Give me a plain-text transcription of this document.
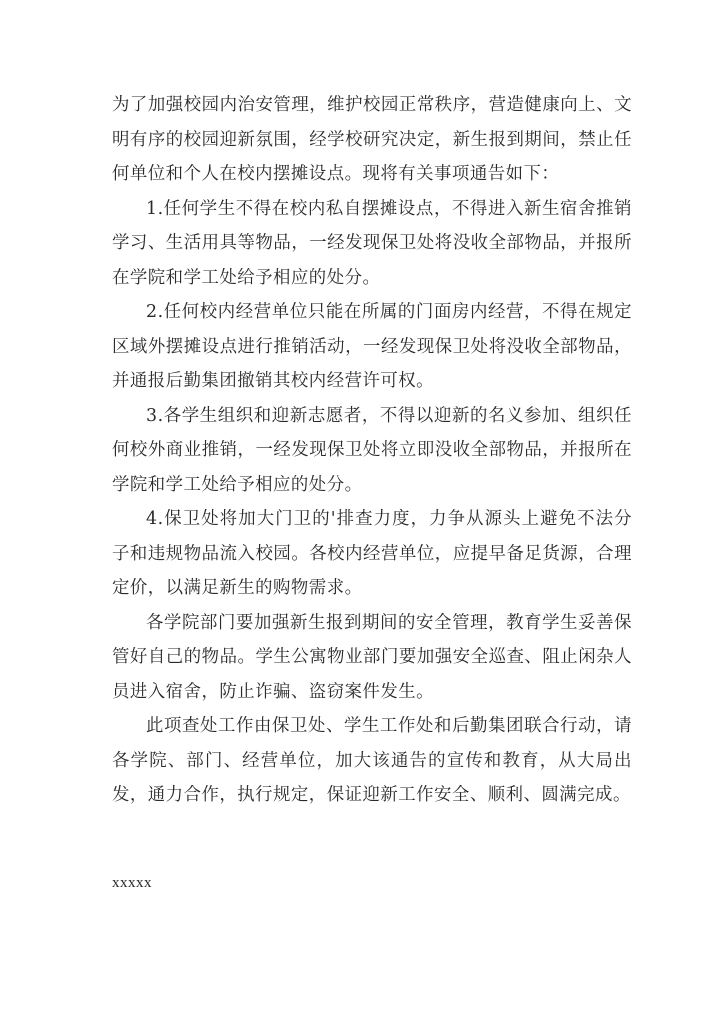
为了加强校园内治安管理，维护校园正常秩序，营造健康向上、文明有序的校园迎新氛围，经学校研究决定，新生报到期间，禁止任何单位和个人在校内摆摊设点。现将有关事项通告如下：

1.任何学生不得在校内私自摆摊设点，不得进入新生宿舍推销学习、生活用具等物品，一经发现保卫处将没收全部物品，并报所在学院和学工处给予相应的处分。

2.任何校内经营单位只能在所属的门面房内经营，不得在规定区域外摆摊设点进行推销活动，一经发现保卫处将没收全部物品，并通报后勤集团撤销其校内经营许可权。

3.各学生组织和迎新志愿者，不得以迎新的名义参加、组织任何校外商业推销，一经发现保卫处将立即没收全部物品，并报所在学院和学工处给予相应的处分。

4.保卫处将加大门卫的'排查力度，力争从源头上避免不法分子和违规物品流入校园。各校内经营单位，应提早备足货源，合理定价，以满足新生的购物需求。

各学院部门要加强新生报到期间的安全管理，教育学生妥善保管好自己的物品。学生公寓物业部门要加强安全巡查、阻止闲杂人员进入宿舍，防止诈骗、盗窃案件发生。

此项查处工作由保卫处、学生工作处和后勤集团联合行动，请各学院、部门、经营单位，加大该通告的宣传和教育，从大局出发，通力合作，执行规定，保证迎新工作安全、顺利、圆满完成。

xxxxx
